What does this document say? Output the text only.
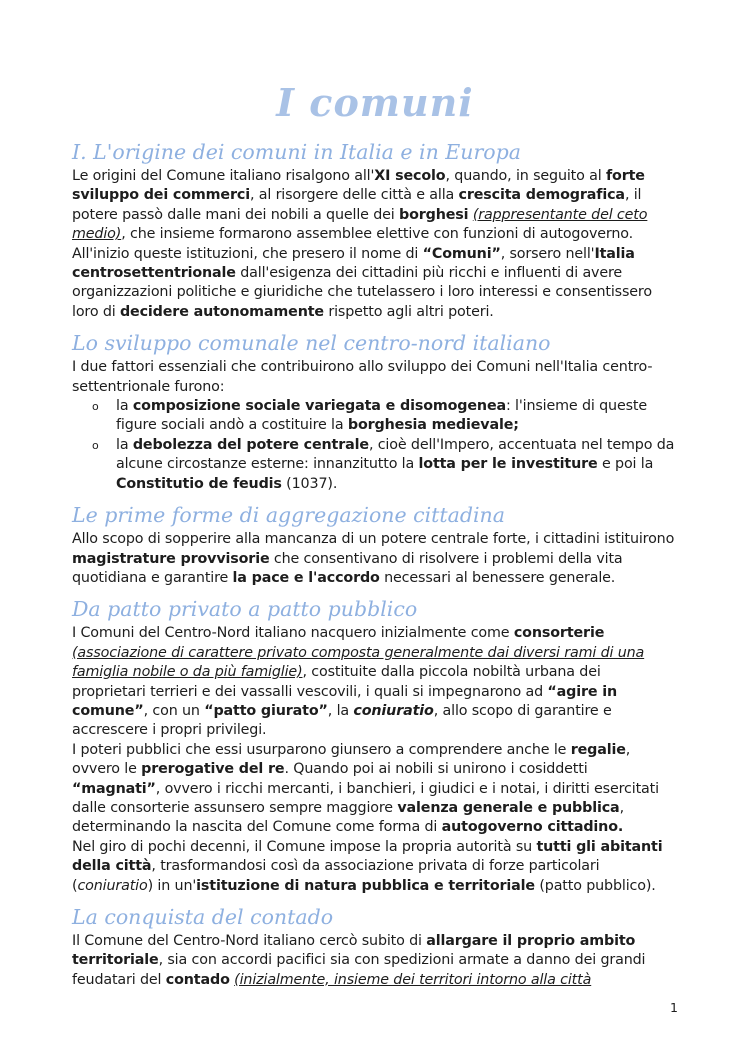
I comuni
I. L'origine dei comuni in Italia e in Europa

Le origini del Comune italiano risalgono all'XI secolo, quando, in seguito al forte sviluppo dei commerci, al risorgere delle città e alla crescita demografica, il potere passò dalle mani dei nobili a quelle dei borghesi (rappresentante del ceto medio), che insieme formarono assemblee elettive con funzioni di autogoverno.

All'inizio queste istituzioni, che presero il nome di “Comuni”, sorsero nell'Italia centrosettentrionale dall'esigenza dei cittadini più ricchi e influenti di avere organizzazioni politiche e giuridiche che tutelassero i loro interessi e consentissero loro di decidere autonomamente rispetto agli altri poteri.

Lo sviluppo comunale nel centro-nord italiano

I due fattori essenziali che contribuirono allo sviluppo dei Comuni nell'Italia centro-settentrionale furono:

o la composizione sociale variegata e disomogenea: l'insieme di queste figure sociali andò a costituire la borghesia medievale;
o la debolezza del potere centrale, cioè dell'Impero, accentuata nel tempo da alcune circostanze esterne: innanzitutto la lotta per le investiture e poi la Constitutio de feudis (1037).
Le prime forme di aggregazione cittadina

Allo scopo di sopperire alla mancanza di un potere centrale forte, i cittadini istituirono magistrature provvisorie che consentivano di risolvere i problemi della vita quotidiana e garantire la pace e l'accordo necessari al benessere generale.

Da patto privato a patto pubblico

I Comuni del Centro-Nord italiano nacquero inizialmente come consorterie (associazione di carattere privato composta generalmente dai diversi rami di una famiglia nobile o da più famiglie), costituite dalla piccola nobiltà urbana dei proprietari terrieri e dei vassalli vescovili, i quali si impegnarono ad “agire in comune”, con un “patto giurato”, la coniuratio, allo scopo di garantire e accrescere i propri privilegi.

I poteri pubblici che essi usurparono giunsero a comprendere anche le regalie, ovvero le prerogative del re. Quando poi ai nobili si unirono i cosiddetti “magnati”, ovvero i ricchi mercanti, i banchieri, i giudici e i notai, i diritti esercitati dalle consorterie assunsero sempre maggiore valenza generale e pubblica, determinando la nascita del Comune come forma di autogoverno cittadino.

Nel giro di pochi decenni, il Comune impose la propria autorità su tutti gli abitanti della città, trasformandosi così da associazione privata di forze particolari (coniuratio) in un'istituzione di natura pubblica e territoriale (patto pubblico).

La conquista del contado

Il Comune del Centro-Nord italiano cercò subito di allargare il proprio ambito territoriale, sia con accordi pacifici sia con spedizioni armate a danno dei grandi feudatari del contado (inizialmente, insieme dei territori intorno alla città

1
